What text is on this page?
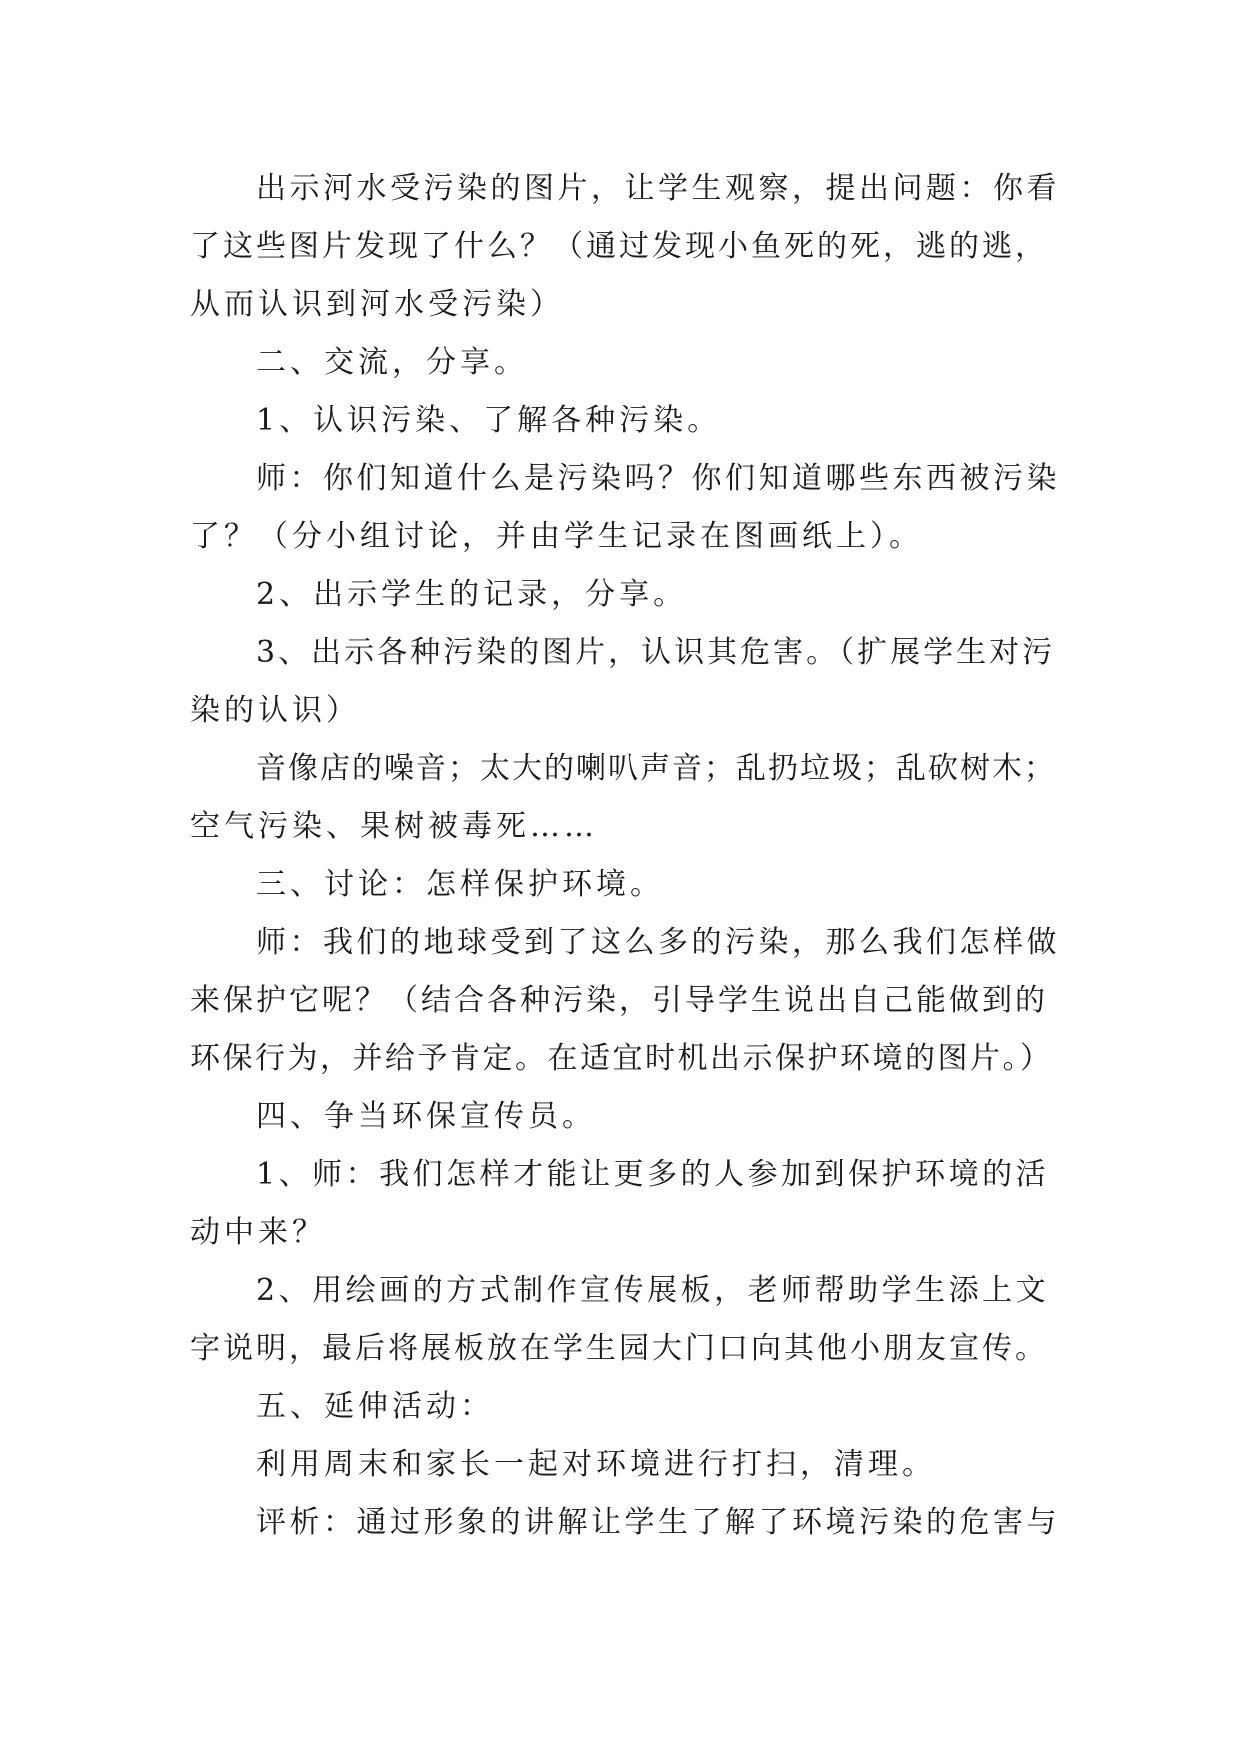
出示河水受污染的图片，让学生观察，提出问题：你看
了这些图片发现了什么？（通过发现小鱼死的死，逃的逃，
从而认识到河水受污染）
二、交流，分享。
1、认识污染、了解各种污染。
师：你们知道什么是污染吗？你们知道哪些东西被污染
了？（分小组讨论，并由学生记录在图画纸上）。
2、出示学生的记录，分享。
3、出示各种污染的图片，认识其危害。（扩展学生对污
染的认识）
音像店的噪音；太大的喇叭声音；乱扔垃圾；乱砍树木；
空气污染、果树被毒死……
三、讨论：怎样保护环境。
师：我们的地球受到了这么多的污染，那么我们怎样做
来保护它呢？（结合各种污染，引导学生说出自己能做到的
环保行为，并给予肯定。在适宜时机出示保护环境的图片。）
四、争当环保宣传员。
1、师：我们怎样才能让更多的人参加到保护环境的活
动中来？
2、用绘画的方式制作宣传展板，老师帮助学生添上文
字说明，最后将展板放在学生园大门口向其他小朋友宣传。
五、延伸活动：
利用周末和家长一起对环境进行打扫，清理。
评析：通过形象的讲解让学生了解了环境污染的危害与
